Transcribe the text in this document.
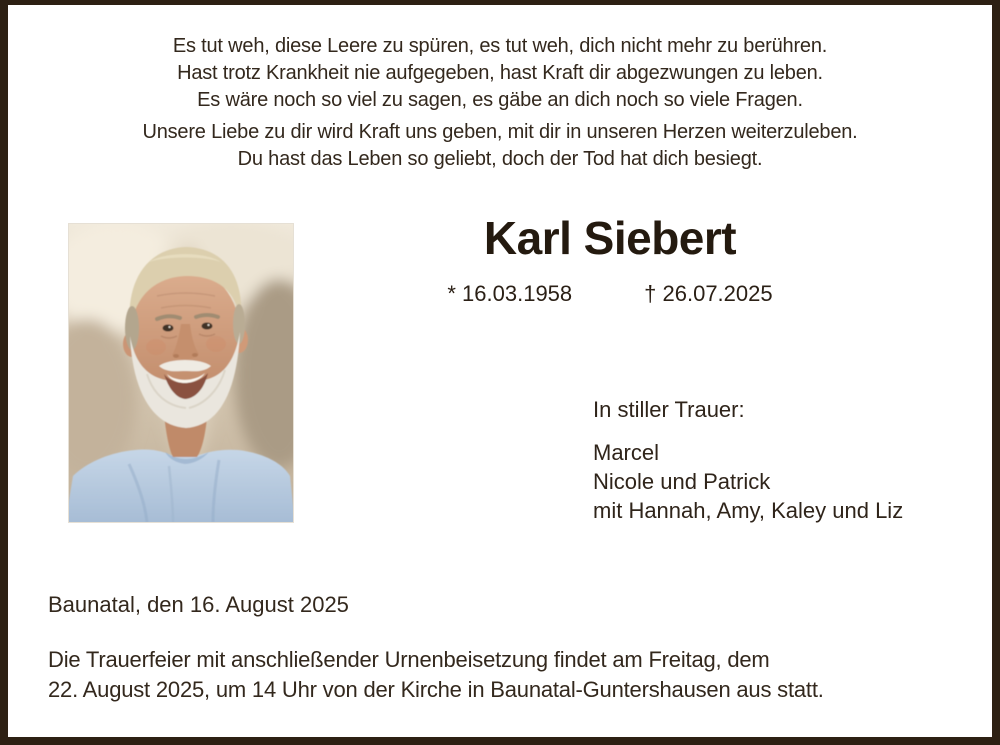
Es tut weh, diese Leere zu spüren, es tut weh, dich nicht mehr zu berühren.
Hast trotz Krankheit nie aufgegeben, hast Kraft dir abgezwungen zu leben.
Es wäre noch so viel zu sagen, es gäbe an dich noch so viele Fragen.
Unsere Liebe zu dir wird Kraft uns geben, mit dir in unseren Herzen weiterzuleben.
Du hast das Leben so geliebt, doch der Tod hat dich besiegt.
Karl Siebert
* 16.03.1958	† 26.07.2025
In stiller Trauer:
Marcel
Nicole und Patrick
mit Hannah, Amy, Kaley und Liz
Baunatal, den 16. August 2025
Die Trauerfeier mit anschließender Urnenbeisetzung findet am Freitag, dem
22. August 2025, um 14 Uhr von der Kirche in Baunatal-Guntershausen aus statt.
